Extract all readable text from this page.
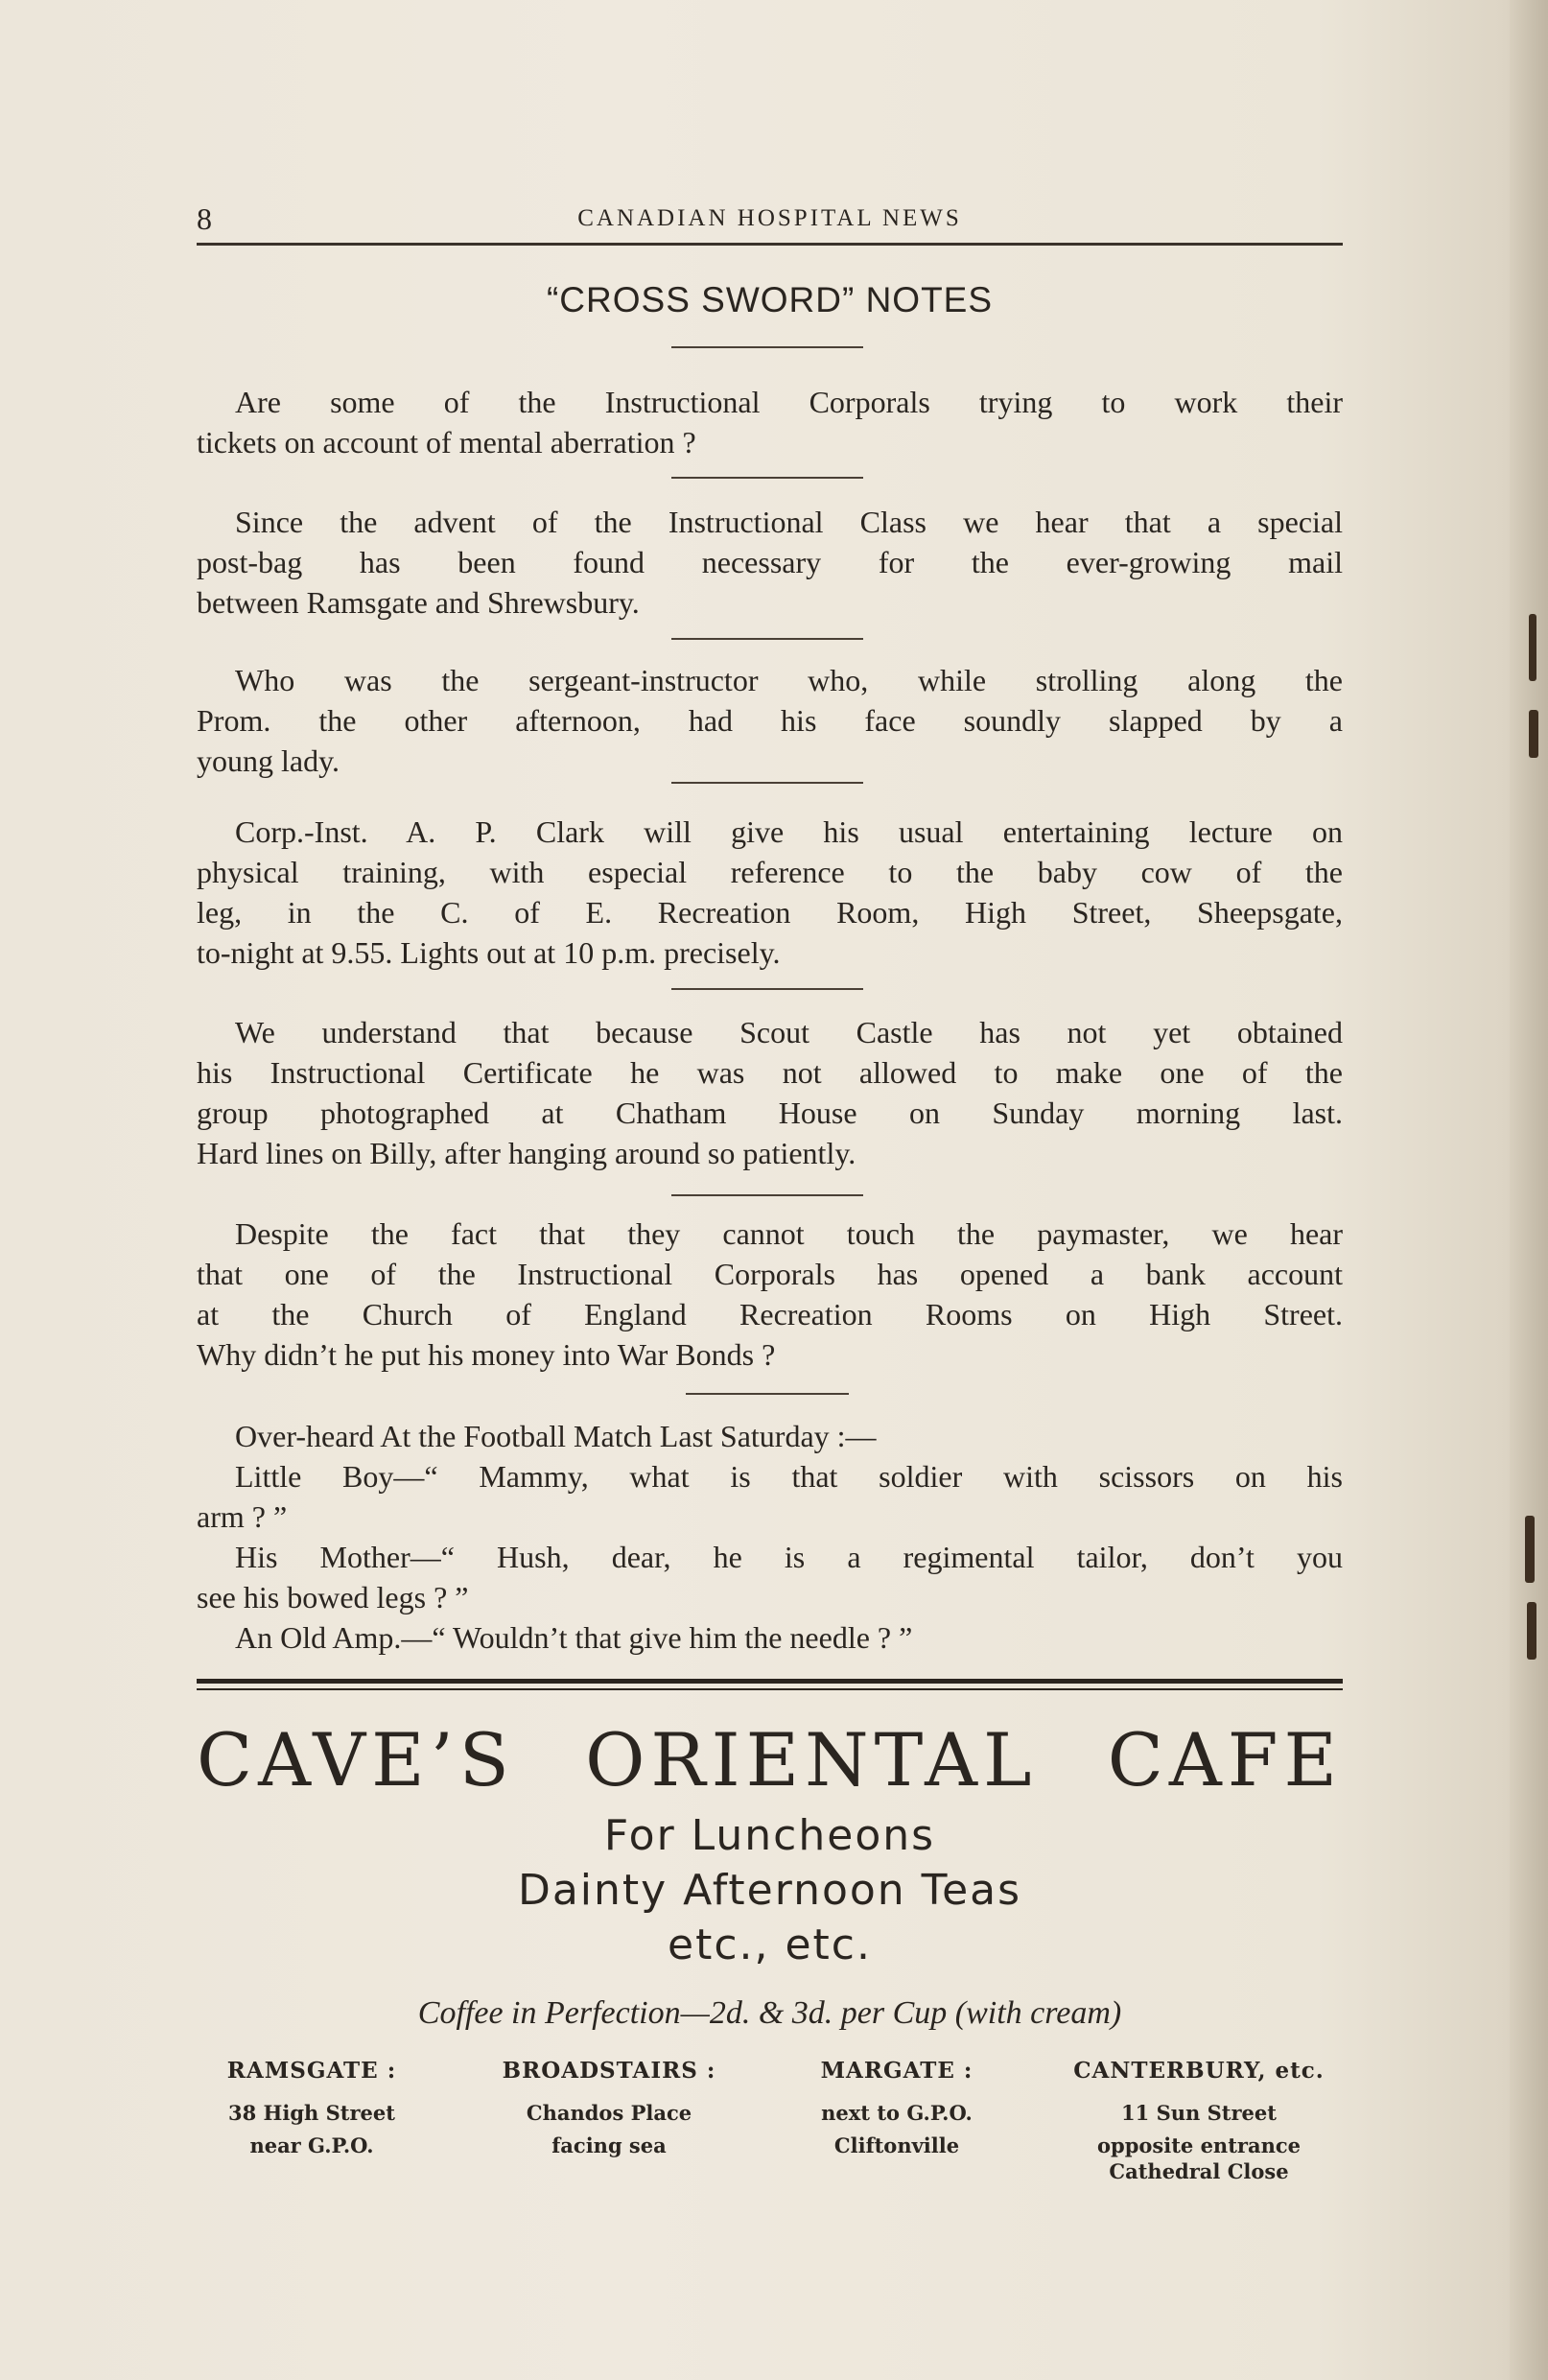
8	CANADIAN HOSPITAL NEWS
“CROSS SWORD” NOTES
Are some of the Instructional Corporals trying to work their
tickets on account of mental aberration ?
Since the advent of the Instructional Class we hear that a special
post-bag has been found necessary for the ever-growing mail
between Ramsgate and Shrewsbury.
Who was the sergeant-instructor who, while strolling along the
Prom. the other afternoon, had his face soundly slapped by a
young lady.
Corp.-Inst. A. P. Clark will give his usual entertaining lecture on
physical training, with especial reference to the baby cow of the
leg, in the C. of E. Recreation Room, High Street, Sheepsgate,
to-night at 9.55. Lights out at 10 p.m. precisely.
We understand that because Scout Castle has not yet obtained
his Instructional Certificate he was not allowed to make one of the
group photographed at Chatham House on Sunday morning last.
Hard lines on Billy, after hanging around so patiently.
Despite the fact that they cannot touch the paymaster, we hear
that one of the Instructional Corporals has opened a bank account
at the Church of England Recreation Rooms on High Street.
Why didn’t he put his money into War Bonds ?
Over-heard At the Football Match Last Saturday :—
Little Boy—“ Mammy, what is that soldier with scissors on his
arm ? ”
His Mother—“ Hush, dear, he is a regimental tailor, don’t you
see his bowed legs ? ”
An Old Amp.—“ Wouldn’t that give him the needle ? ”
CAVE’S ORIENTAL CAFE
For Luncheons
Dainty Afternoon Teas
etc., etc.
Coffee in Perfection—2d. & 3d. per Cup (with cream)
RAMSGATE :
38 High Street
near G.P.O.
BROADSTAIRS :
Chandos Place
facing sea
MARGATE :
next to G.P.O.
Cliftonville
CANTERBURY, etc.
11 Sun Street
opposite entrance
Cathedral Close
